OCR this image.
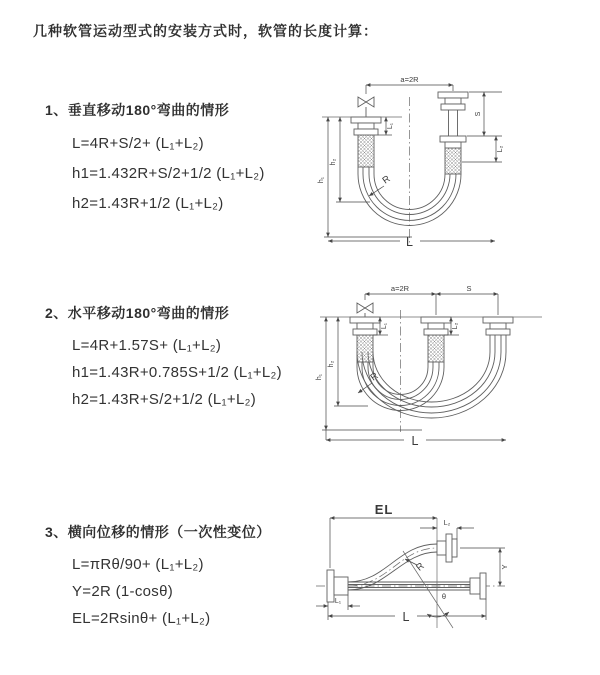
几种软管运动型式的安装方式时，软管的长度计算：
1、垂直移动180°弯曲的情形
L=4R+S/2+ (L₁+L₂)
h1=1.432R+S/2+1/2 (L₁+L₂)
h2=1.43R+1/2 (L₁+L₂)
2、水平移动180°弯曲的情形
L=4R+1.57S+ (L₁+L₂)
h1=1.43R+0.785S+1/2 (L₁+L₂)
h2=1.43R+S/2+1/2 (L₁+L₂)
3、横向位移的情形（一次性变位）
L=πRθ/90+ (L₁+L₂)
Y=2R (1-cosθ)
EL=2Rsinθ+ (L₁+L₂)
a=2R
h₁
h₂
L₁
S
L₂
R
L
a=2R	S
h₁
h₂
L₁	L₂
R
L
θ
EL
L₂
Y
R
L₁
L
